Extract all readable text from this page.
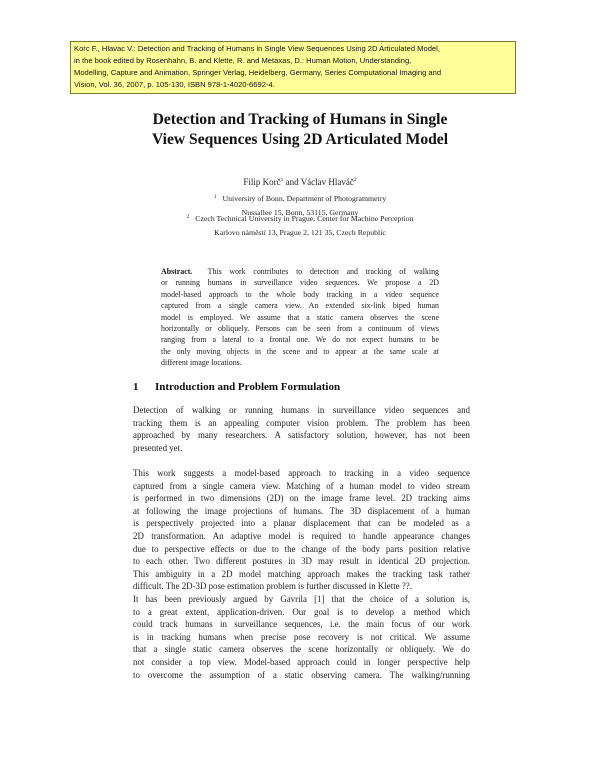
Korc F., Hlavac V.: Detection and Tracking of Humans in Single View Sequences Using 2D Articulated Model,
in the book edited by Rosenhahn, B. and Klette, R. and Metaxas, D.: Human Motion, Understanding,
Modelling, Capture and Animation, Springer Verlag, Heidelberg, Germany, Series Computational Imaging and
Vision, Vol. 36, 2007, p. 105-130, ISBN 978-1-4020-6692-4.
Detection and Tracking of Humans in Single
View Sequences Using 2D Articulated Model
Filip Korč$^1$ and Václav Hlaváč$^2$
$^1$ University of Bonn, Department of Photogrammetry
Nussallee 15, Bonn, 53115, Germany
$^2$ Czech Technical University in Prague, Center for Machine Perception
Karlovo náměstí 13, Prague 2, 121 35, Czech Republic
Abstract. This work contributes to detection and tracking of walking
or running humans in surveillance video sequences. We propose a 2D
model-based approach to the whole body tracking in a video sequence
captured from a single camera view. An extended six-link biped human
model is employed. We assume that a static camera observes the scene
horizontally or obliquely. Persons can be seen from a continuum of views
ranging from a lateral to a frontal one. We do not expect humans to be
the only moving objects in the scene and to appear at the same scale at
different image locations.
1 Introduction and Problem Formulation
Detection of walking or running humans in surveillance video sequences and
tracking them is an appealing computer vision problem. The problem has been
approached by many researchers. A satisfactory solution, however, has not been
presented yet.
This work suggests a model-based approach to tracking in a video sequence
captured from a single camera view. Matching of a human model to video stream
is performed in two dimensions (2D) on the image frame level. 2D tracking aims
at following the image projections of humans. The 3D displacement of a human
is perspectively projected into a planar displacement that can be modeled as a
2D transformation. An adaptive model is required to handle appearance changes
due to perspective effects or due to the change of the body parts position relative
to each other. Two different postures in 3D may result in identical 2D projection.
This ambiguity in a 2D model matching approach makes the tracking task rather
difficult. The 2D-3D pose estimation problem is further discussed in Klette ??.
It has been previously argued by Gavrila [1] that the choice of a solution is,
to a great extent, application-driven. Our goal is to develop a method which
could track humans in surveillance sequences, i.e. the main focus of our work
is in tracking humans when precise pose recovery is not critical. We assume
that a single static camera observes the scene horizontally or obliquely. We do
not consider a top view. Model-based approach could in longer perspective help
to overcome the assumption of a static observing camera. The walking/running
